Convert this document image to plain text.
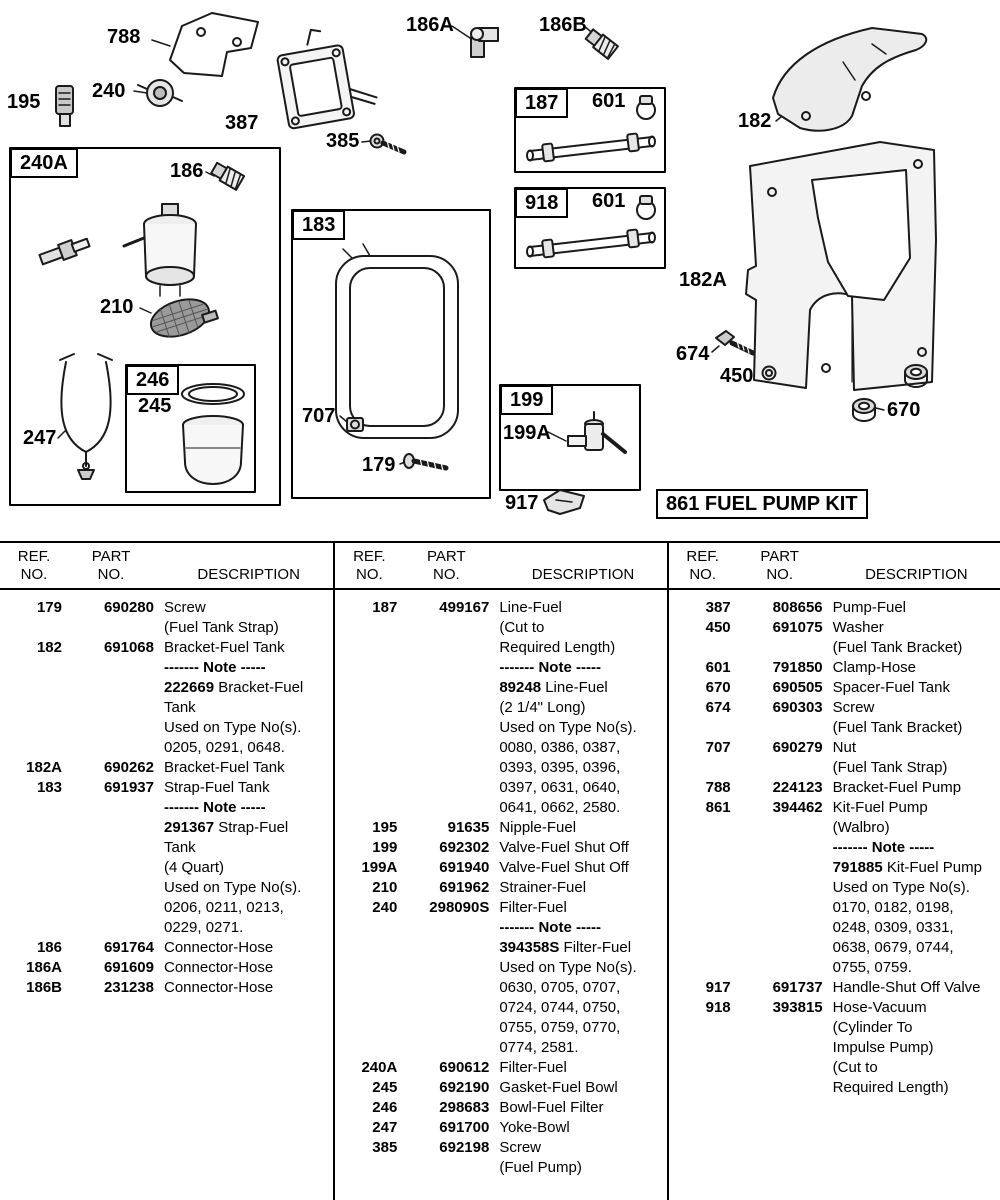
195
788
240
387
385
186A	186B
182
240A	186
183
210
246
245
247
707
179
187	601
918	601
199
199A
917
182A
674
450
670
861 FUEL PUMP KIT
REF.
NO.
PART
NO.	DESCRIPTION
179	690280 Screw
(Fuel Tank Strap)
182	691068 Bracket-Fuel Tank
------- Note -----
222669 Bracket-Fuel
Tank
Used on Type No(s).
0205, 0291, 0648.
182A	690262 Bracket-Fuel Tank
183	691937 Strap-Fuel Tank
------- Note -----
291367 Strap-Fuel
Tank
(4 Quart)
Used on Type No(s).
0206, 0211, 0213,
0229, 0271.
186	691764 Connector-Hose
186A	691609 Connector-Hose
186B	231238 Connector-Hose
REF.
NO.
PART
NO.	DESCRIPTION
187	499167 Line-Fuel
(Cut to
Required Length)
------- Note -----
89248 Line-Fuel
(2 1/4" Long)
Used on Type No(s).
0080, 0386, 0387,
0393, 0395, 0396,
0397, 0631, 0640,
0641, 0662, 2580.
195	91635 Nipple-Fuel
199	692302 Valve-Fuel Shut Off
199A	691940 Valve-Fuel Shut Off
210	691962 Strainer-Fuel
240	298090S Filter-Fuel
------- Note -----
394358S Filter-Fuel
Used on Type No(s).
0630, 0705, 0707,
0724, 0744, 0750,
0755, 0759, 0770,
0774, 2581.
240A	690612 Filter-Fuel
245	692190 Gasket-Fuel Bowl
246	298683 Bowl-Fuel Filter
247	691700 Yoke-Bowl
385	692198 Screw
(Fuel Pump)
REF.
NO.
PART
NO.	DESCRIPTION
387	808656 Pump-Fuel
450	691075 Washer
(Fuel Tank Bracket)
601	791850 Clamp-Hose
670	690505 Spacer-Fuel Tank
674	690303 Screw
(Fuel Tank Bracket)
707	690279 Nut
(Fuel Tank Strap)
788	224123 Bracket-Fuel Pump
861	394462 Kit-Fuel Pump
(Walbro)
------- Note -----
791885 Kit-Fuel Pump
Used on Type No(s).
0170, 0182, 0198,
0248, 0309, 0331,
0638, 0679, 0744,
0755, 0759.
917	691737 Handle-Shut Off Valve
918	393815 Hose-Vacuum
(Cylinder To
Impulse Pump)
(Cut to
Required Length)
